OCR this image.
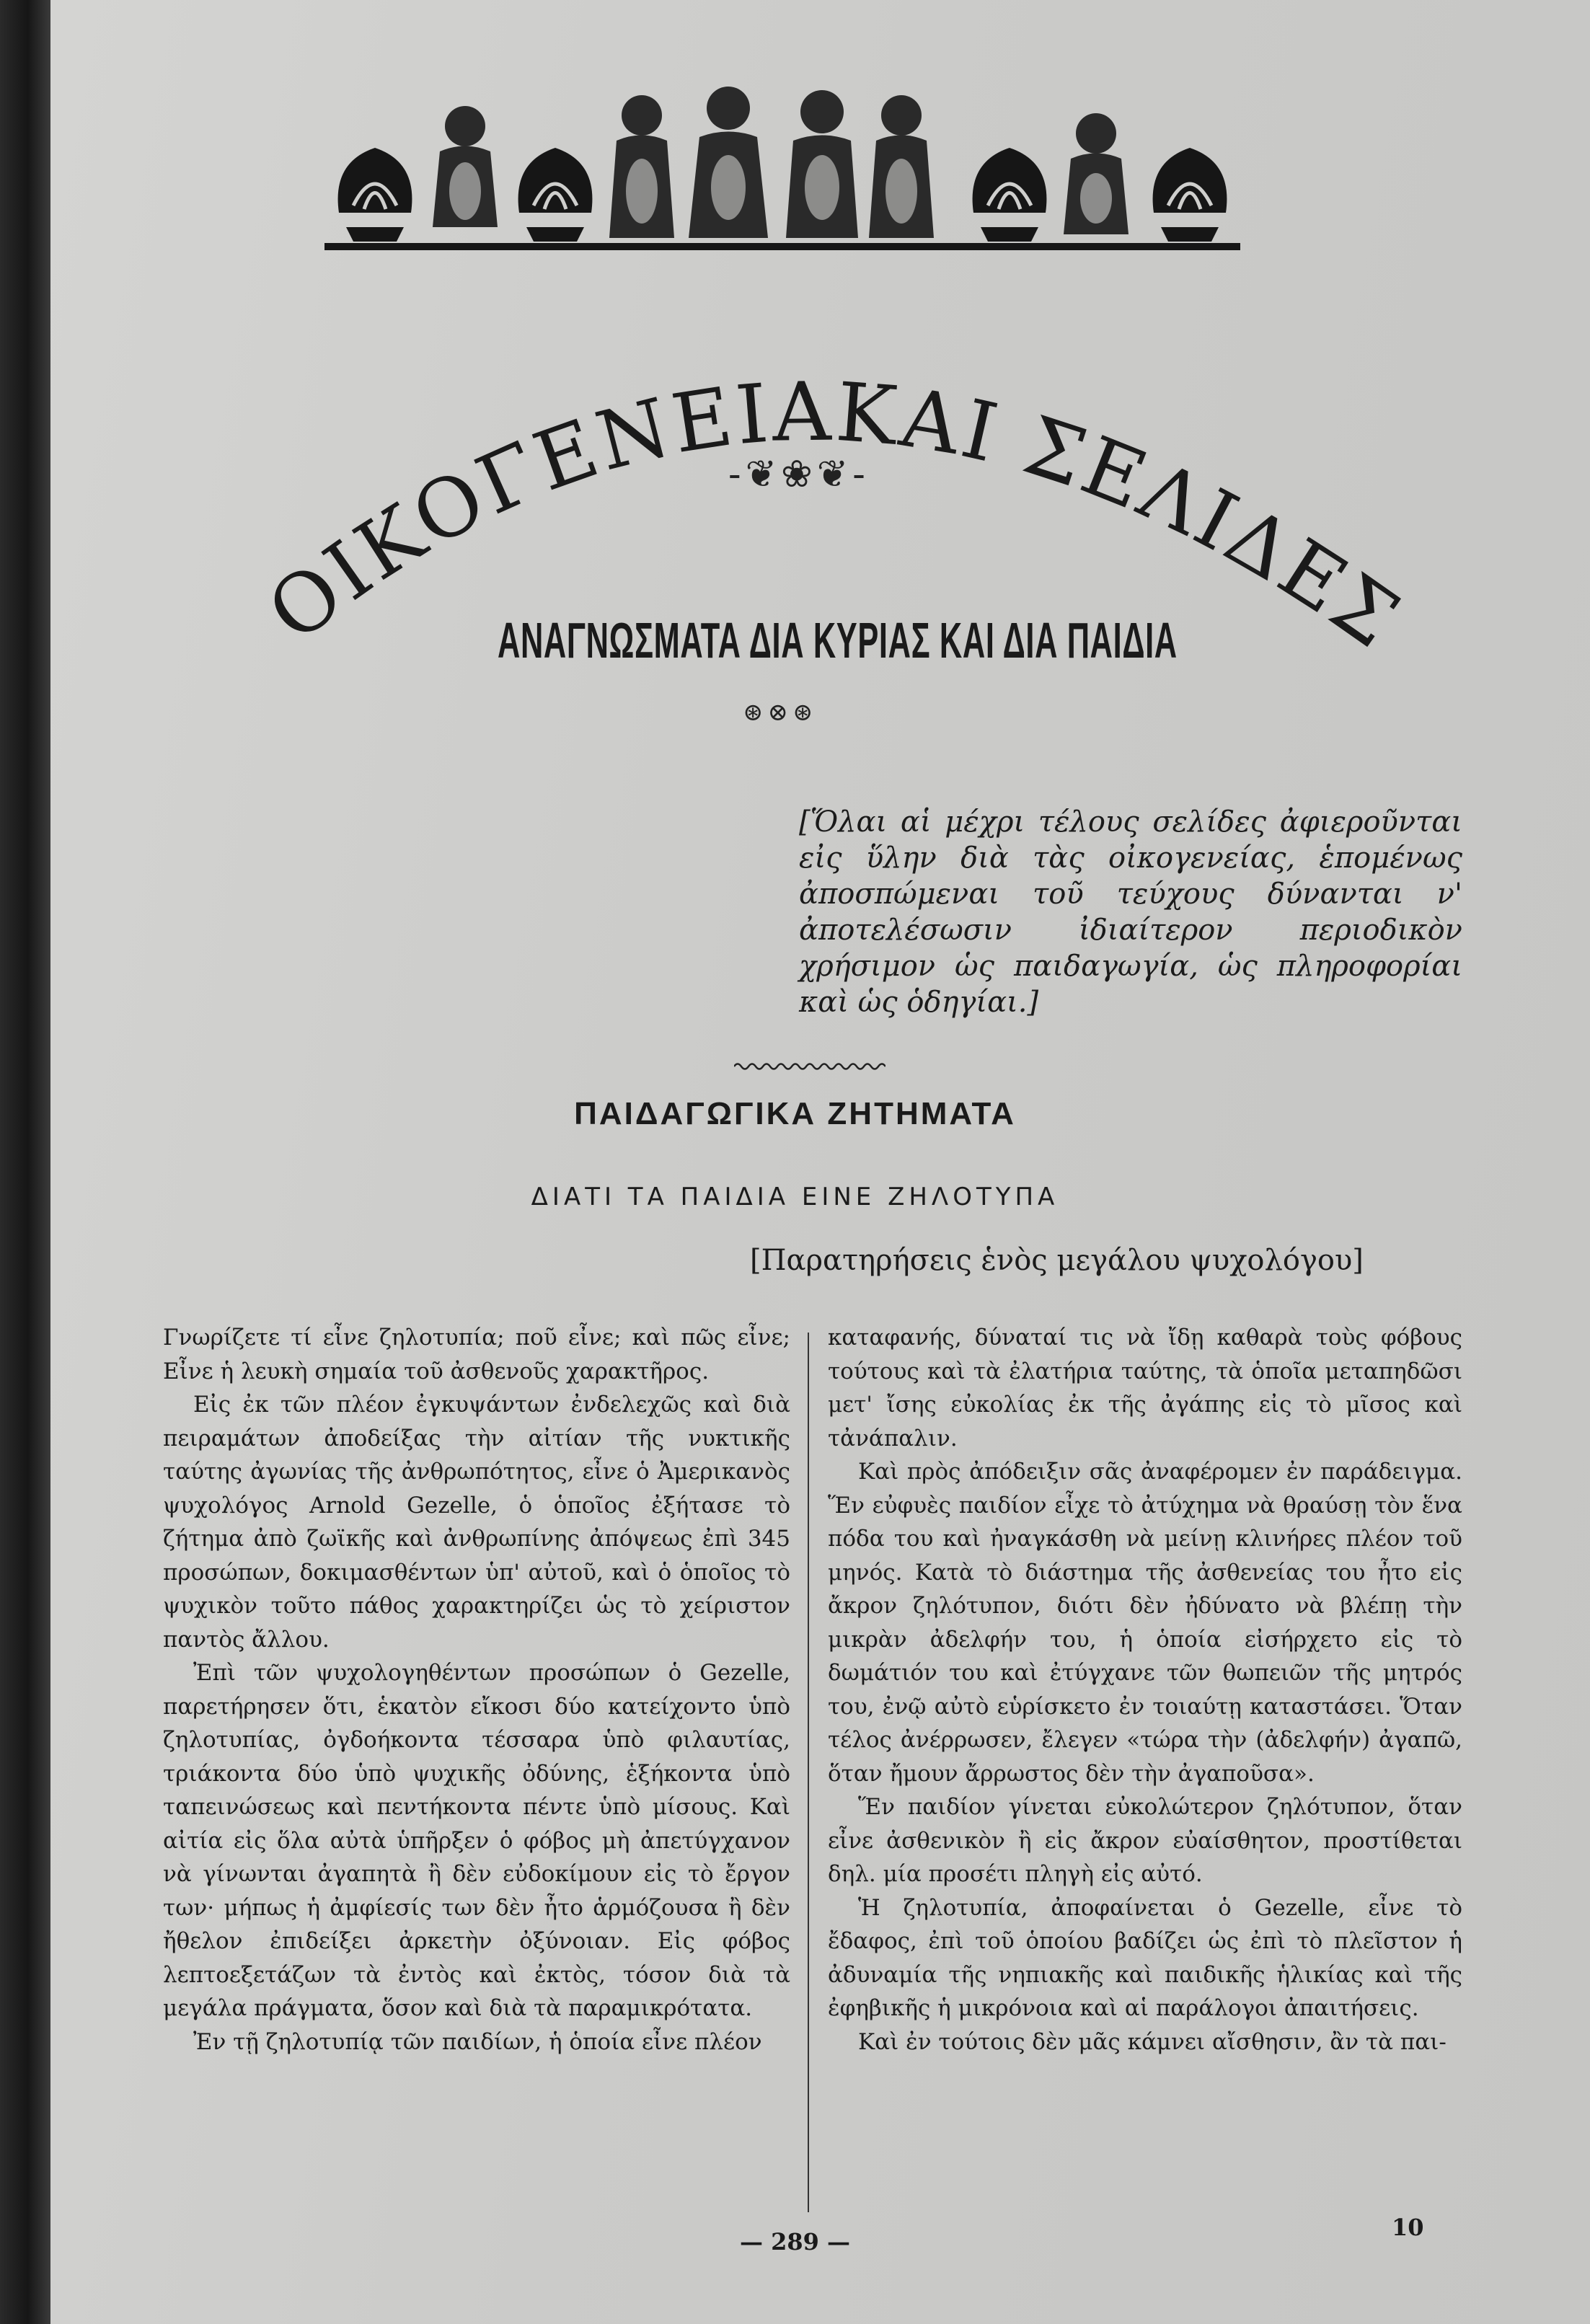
ΟΙΚΟΓΕΝΕΙΑΚΑΙ ΣΕΛΙΔΕΣ
-❦❀❦-
ΑΝΑΓΝΩΣΜΑΤΑ ΔΙΑ ΚΥΡΙΑΣ ΚΑΙ ΔΙΑ ΠΑΙΔΙΑ
⊛⊗⊛
[Ὅλαι αἱ μέχρι τέλους σελίδες ἀφιεροῦνται εἰς ὕλην διὰ τὰς οἰκογενείας, ἑπομένως ἀποσπώμεναι τοῦ τεύχους δύνανται ν' ἀποτελέσωσιν ἰδιαίτερον περιοδικὸν χρήσιμον ὡς παιδαγωγία, ὡς πληροφορίαι καὶ ὡς ὁδηγίαι.]
ΠΑΙΔΑΓΩΓΙΚΑ ΖΗΤΗΜΑΤΑ
ΔΙΑΤΙ ΤΑ ΠΑΙΔΙΑ ΕΙΝΕ ΖΗΛΟΤΥΠΑ
[Παρατηρήσεις ἑνὸς μεγάλου ψυχολόγου]

Γνωρίζετε τί εἶνε ζηλοτυπία; ποῦ εἶνε; καὶ πῶς εἶνε; Εἶνε ἡ λευκὴ σημαία τοῦ ἀσθενοῦς χαρακτῆρος.

Εἰς ἐκ τῶν πλέον ἐγκυψάντων ἐνδελεχῶς καὶ διὰ πειραμάτων ἀποδείξας τὴν αἰτίαν τῆς νυκτικῆς ταύτης ἀγωνίας τῆς ἀνθρωπότητος, εἶνε ὁ Ἀμερικανὸς ψυχολόγος Arnold Gezelle, ὁ ὁποῖος ἐξήτασε τὸ ζήτημα ἀπὸ ζωϊκῆς καὶ ἀνθρωπίνης ἀπόψεως ἐπὶ 345 προσώπων, δοκιμασθέντων ὑπ' αὐτοῦ, καὶ ὁ ὁποῖος τὸ ψυχικὸν τοῦτο πάθος χαρακτηρίζει ὡς τὸ χείριστον παντὸς ἄλλου.

Ἐπὶ τῶν ψυχολογηθέντων προσώπων ὁ Gezelle, παρετήρησεν ὅτι, ἑκατὸν εἴκοσι δύο κατείχοντο ὑπὸ ζηλοτυπίας, ὀγδοήκοντα τέσσαρα ὑπὸ φιλαυτίας, τριάκοντα δύο ὑπὸ ψυχικῆς ὀδύνης, ἑξήκοντα ὑπὸ ταπεινώσεως καὶ πεντήκοντα πέντε ὑπὸ μίσους. Καὶ αἰτία εἰς ὅλα αὐτὰ ὑπῆρξεν ὁ φόβος μὴ ἀπετύγχανον νὰ γίνωνται ἀγαπητὰ ἢ δὲν εὐδοκίμουν εἰς τὸ ἔργον των· μήπως ἡ ἀμφίεσίς των δὲν ἦτο ἁρμόζουσα ἢ δὲν ἤθελον ἐπιδείξει ἀρκετὴν ὀξύνοιαν. Εἰς φόβος λεπτοεξετάζων τὰ ἐντὸς καὶ ἐκτὸς, τόσον διὰ τὰ μεγάλα πράγματα, ὅσον καὶ διὰ τὰ παραμικρότατα.

Ἐν τῇ ζηλοτυπίᾳ τῶν παιδίων, ἡ ὁποία εἶνε πλέον

καταφανής, δύναταί τις νὰ ἴδῃ καθαρὰ τοὺς φόβους τούτους καὶ τὰ ἐλατήρια ταύτης, τὰ ὁποῖα μεταπηδῶσι μετ' ἴσης εὐκολίας ἐκ τῆς ἀγάπης εἰς τὸ μῖσος καὶ τἀνάπαλιν.

Καὶ πρὸς ἀπόδειξιν σᾶς ἀναφέρομεν ἐν παράδειγμα. Ἕν εὐφυὲς παιδίον εἶχε τὸ ἀτύχημα νὰ θραύσῃ τὸν ἕνα πόδα του καὶ ἠναγκάσθη νὰ μείνῃ κλινήρες πλέον τοῦ μηνός. Κατὰ τὸ διάστημα τῆς ἀσθενείας του ἦτο εἰς ἄκρον ζηλότυπον, διότι δὲν ἠδύνατο νὰ βλέπῃ τὴν μικρὰν ἀδελφήν του, ἡ ὁποία εἰσήρχετο εἰς τὸ δωμάτιόν του καὶ ἐτύγχανε τῶν θωπειῶν τῆς μητρός του, ἐνῷ αὐτὸ εὑρίσκετο ἐν τοιαύτῃ καταστάσει. Ὅταν τέλος ἀνέρρωσεν, ἔλεγεν «τώρα τὴν (ἀδελφήν) ἀγαπῶ, ὅταν ἤμουν ἄρρωστος δὲν τὴν ἀγαποῦσα».

Ἕν παιδίον γίνεται εὐκολώτερον ζηλότυπον, ὅταν εἶνε ἀσθενικὸν ἢ εἰς ἄκρον εὐαίσθητον, προστίθεται δηλ. μία προσέτι πληγὴ εἰς αὐτό.

Ἡ ζηλοτυπία, ἀποφαίνεται ὁ Gezelle, εἶνε τὸ ἔδαφος, ἐπὶ τοῦ ὁποίου βαδίζει ὡς ἐπὶ τὸ πλεῖστον ἡ ἀδυναμία τῆς νηπιακῆς καὶ παιδικῆς ἡλικίας καὶ τῆς ἐφηβικῆς ἡ μικρόνοια καὶ αἱ παράλογοι ἀπαιτήσεις.

Καὶ ἐν τούτοις δὲν μᾶς κάμνει αἴσθησιν, ἂν τὰ παι-

— 289 —
10
